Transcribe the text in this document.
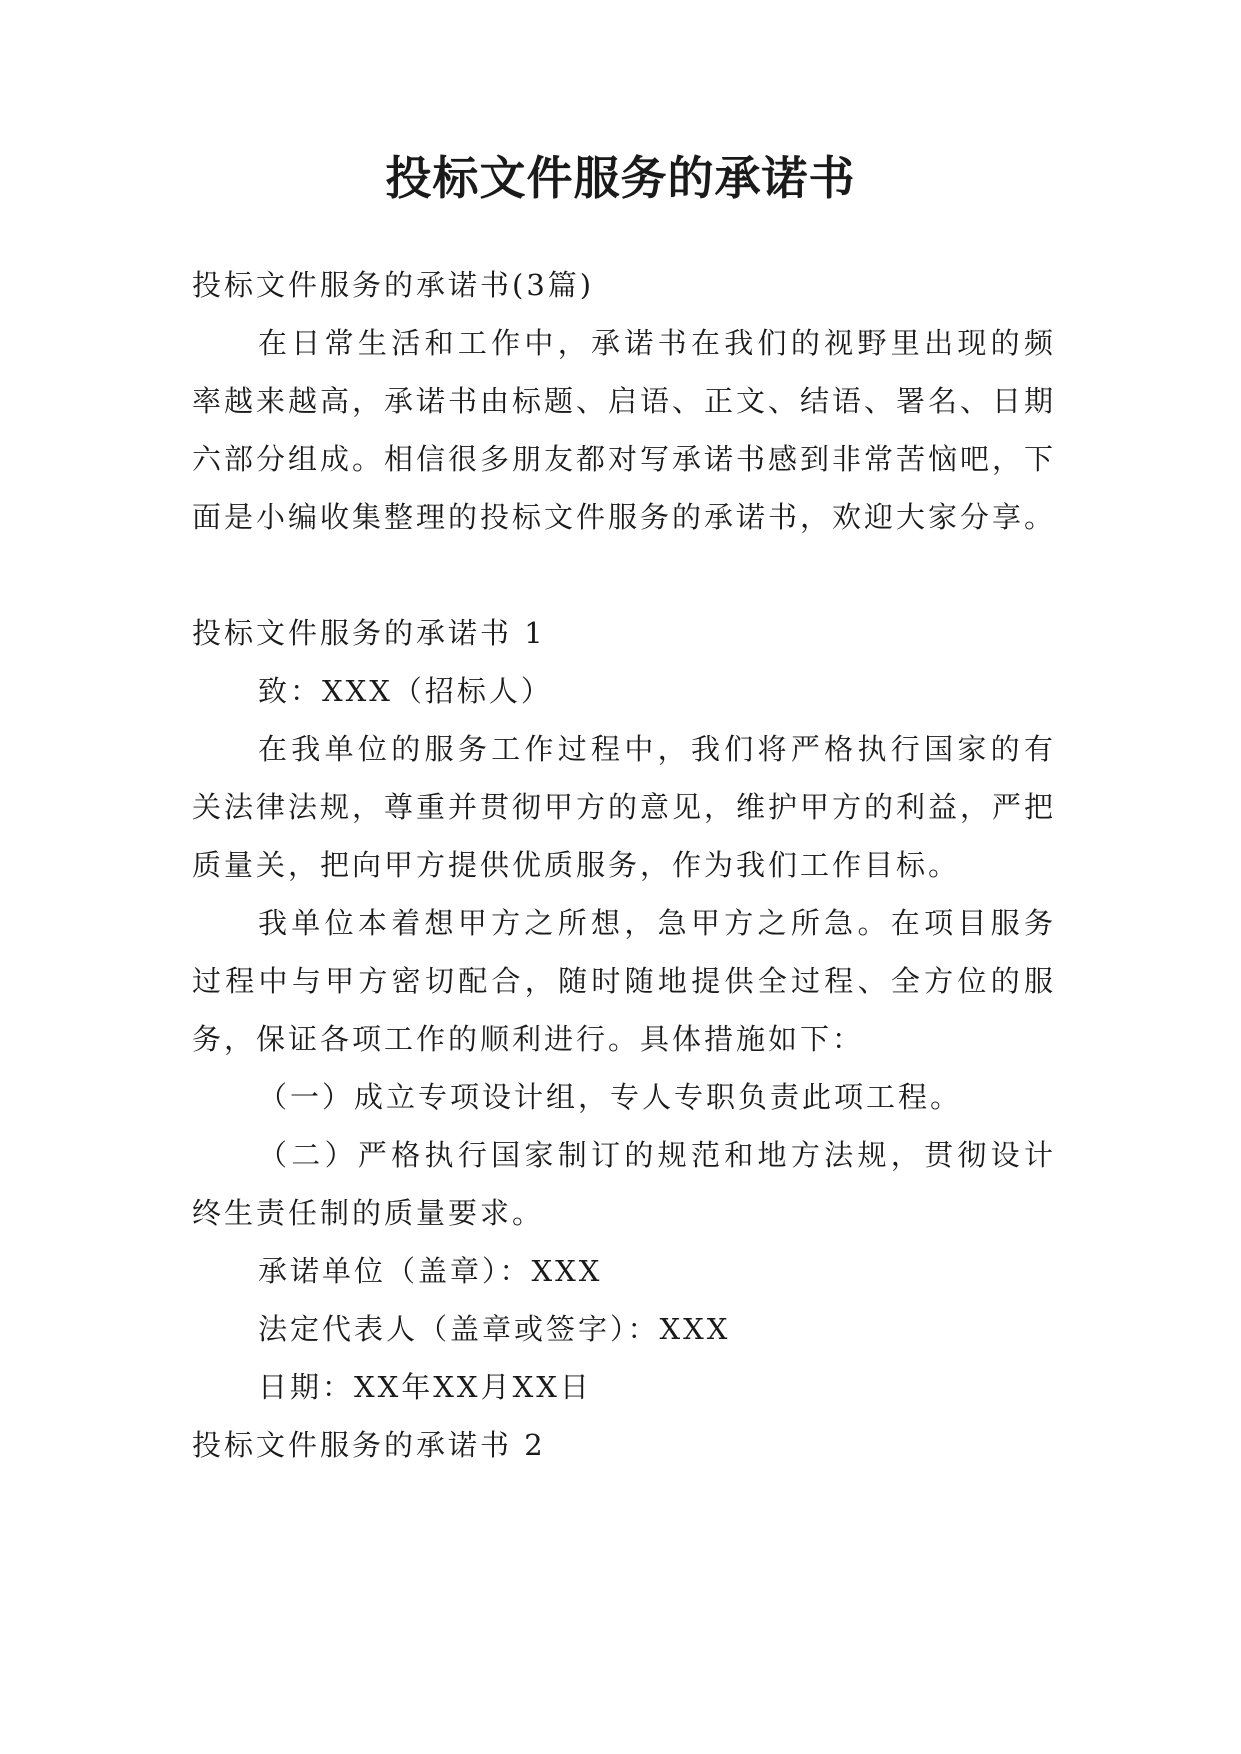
投标文件服务的承诺书

投标文件服务的承诺书(3篇)

在日常生活和工作中，承诺书在我们的视野里出现的频率越来越高，承诺书由标题、启语、正文、结语、署名、日期六部分组成。相信很多朋友都对写承诺书感到非常苦恼吧，下面是小编收集整理的投标文件服务的承诺书，欢迎大家分享。

投标文件服务的承诺书 1

致：XXX（招标人）

在我单位的服务工作过程中，我们将严格执行国家的有关法律法规，尊重并贯彻甲方的意见，维护甲方的利益，严把质量关，把向甲方提供优质服务，作为我们工作目标。

我单位本着想甲方之所想，急甲方之所急。在项目服务过程中与甲方密切配合，随时随地提供全过程、全方位的服务，保证各项工作的顺利进行。具体措施如下：

（一）成立专项设计组，专人专职负责此项工程。

（二）严格执行国家制订的规范和地方法规，贯彻设计终生责任制的质量要求。

承诺单位（盖章）：XXX

法定代表人（盖章或签字）：XXX

日期：XX年XX月XX日

投标文件服务的承诺书 2
